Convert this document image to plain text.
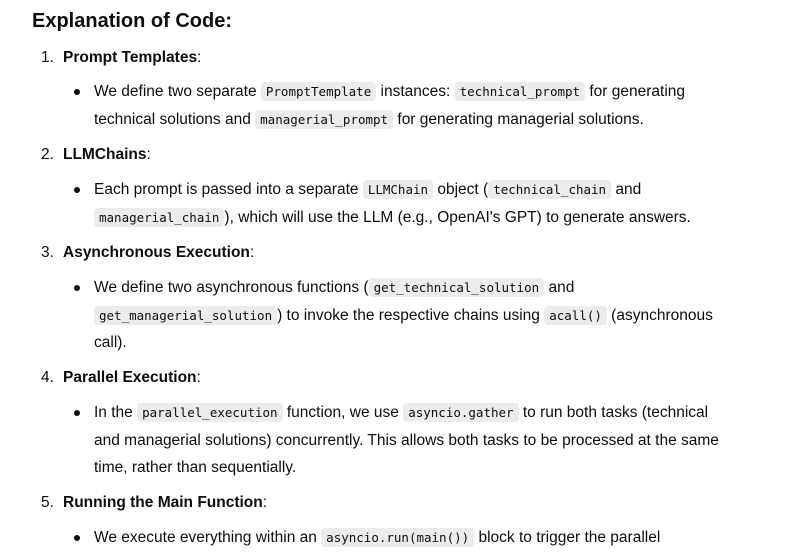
Explanation of Code:
1. Prompt Templates:
We define two separate PromptTemplate instances: technical_prompt for generating
technical solutions and managerial_prompt for generating managerial solutions.
2. LLMChains:
Each prompt is passed into a separate LLMChain object ( technical_chain and
managerial_chain ), which will use the LLM (e.g., OpenAI's GPT) to generate answers.
3. Asynchronous Execution:
We define two asynchronous functions ( get_technical_solution and
get_managerial_solution ) to invoke the respective chains using acall() (asynchronous
call).
4. Parallel Execution:
In the parallel_execution function, we use asyncio.gather to run both tasks (technical
and managerial solutions) concurrently. This allows both tasks to be processed at the same
time, rather than sequentially.
5. Running the Main Function:
We execute everything within an asyncio.run(main()) block to trigger the parallel
